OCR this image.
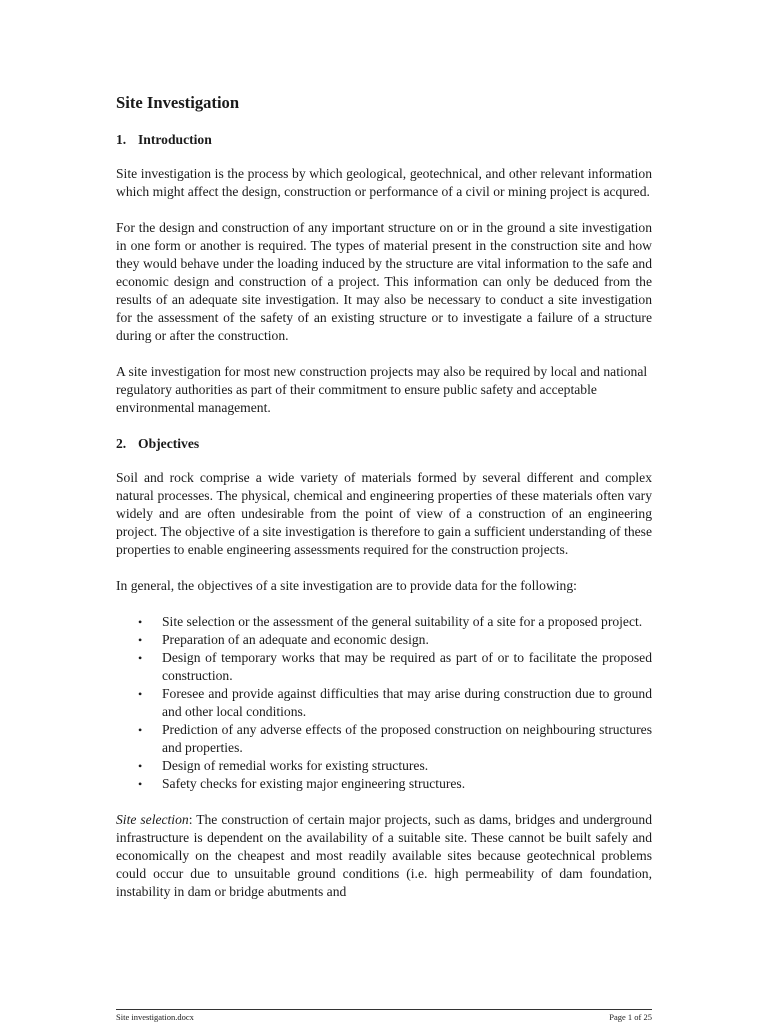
Site Investigation
1. Introduction

Site investigation is the process by which geological, geotechnical, and other relevant information which might affect the design, construction or performance of a civil or mining project is acqured.

For the design and construction of any important structure on or in the ground a site investigation in one form or another is required. The types of material present in the construction site and how they would behave under the loading induced by the structure are vital information to the safe and economic design and construction of a project. This information can only be deduced from the results of an adequate site investigation. It may also be necessary to conduct a site investigation for the assessment of the safety of an existing structure or to investigate a failure of a structure during or after the construction.

A site investigation for most new construction projects may also be required by local and national regulatory authorities as part of their commitment to ensure public safety and acceptable environmental management.

2. Objectives

Soil and rock comprise a wide variety of materials formed by several different and complex natural processes. The physical, chemical and engineering properties of these materials often vary widely and are often undesirable from the point of view of a construction of an engineering project. The objective of a site investigation is therefore to gain a sufficient understanding of these properties to enable engineering assessments required for the construction projects.

In general, the objectives of a site investigation are to provide data for the following:

• Site selection or the assessment of the general suitability of a site for a proposed project.
• Preparation of an adequate and economic design.
• Design of temporary works that may be required as part of or to facilitate the proposed construction.
• Foresee and provide against difficulties that may arise during construction due to ground and other local conditions.
• Prediction of any adverse effects of the proposed construction on neighbouring structures and properties.
• Design of remedial works for existing structures.
• Safety checks for existing major engineering structures.

Site selection: The construction of certain major projects, such as dams, bridges and underground infrastructure is dependent on the availability of a suitable site. These cannot be built safely and economically on the cheapest and most readily available sites because geotechnical problems could occur due to unsuitable ground conditions (i.e. high permeability of dam foundation, instability in dam or bridge abutments and

Site investigation.docx	Page 1 of 25
